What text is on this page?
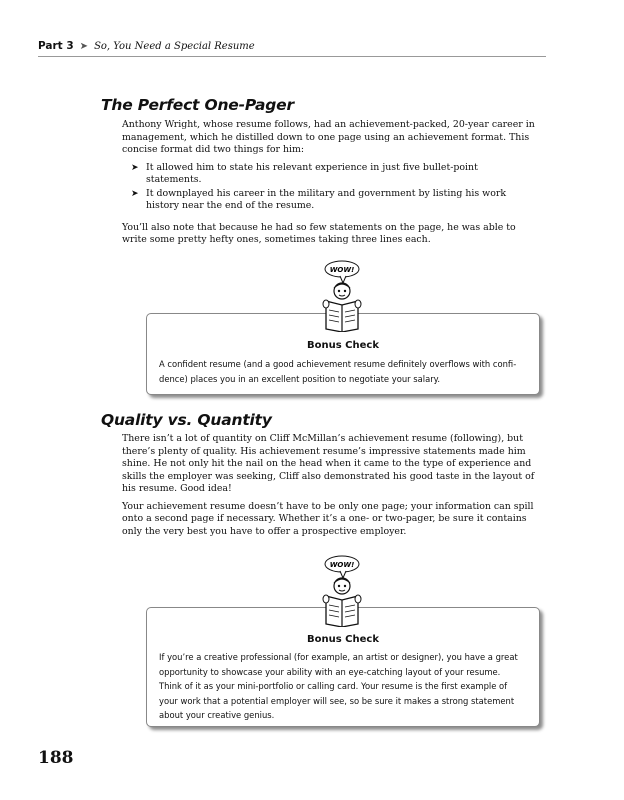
Part 3 ➤ So, You Need a Special Resume
The Perfect One-Pager

Anthony Wright, whose resume follows, had an achievement-packed, 20-year career in management, which he distilled down to one page using an achievement format. This concise format did two things for him:

➤ It allowed him to state his relevant experience in just five bullet-point statements.
➤ It downplayed his career in the military and government by listing his work history near the end of the resume.

You’ll also note that because he had so few statements on the page, he was able to write some pretty hefty ones, sometimes taking three lines each.

Bonus Check
A confident resume (and a good achievement resume definitely overflows with confidence) places you in an excellent position to negotiate your salary.
WOW!
Quality vs. Quantity

There isn’t a lot of quantity on Cliff McMillan’s achievement resume (following), but there’s plenty of quality. His achievement resume’s impressive statements made him shine. He not only hit the nail on the head when it came to the type of experience and skills the employer was seeking, Cliff also demonstrated his good taste in the layout of his resume. Good idea!

Your achievement resume doesn’t have to be only one page; your information can spill onto a second page if necessary. Whether it’s a one- or two-pager, be sure it contains only the very best you have to offer a prospective employer.

Bonus Check
If you’re a creative professional (for example, an artist or designer), you have a great opportunity to showcase your ability with an eye-catching layout of your resume. Think of it as your mini-portfolio or calling card. Your resume is the first example of your work that a potential employer will see, so be sure it makes a strong statement about your creative genius.
WOW!
188
